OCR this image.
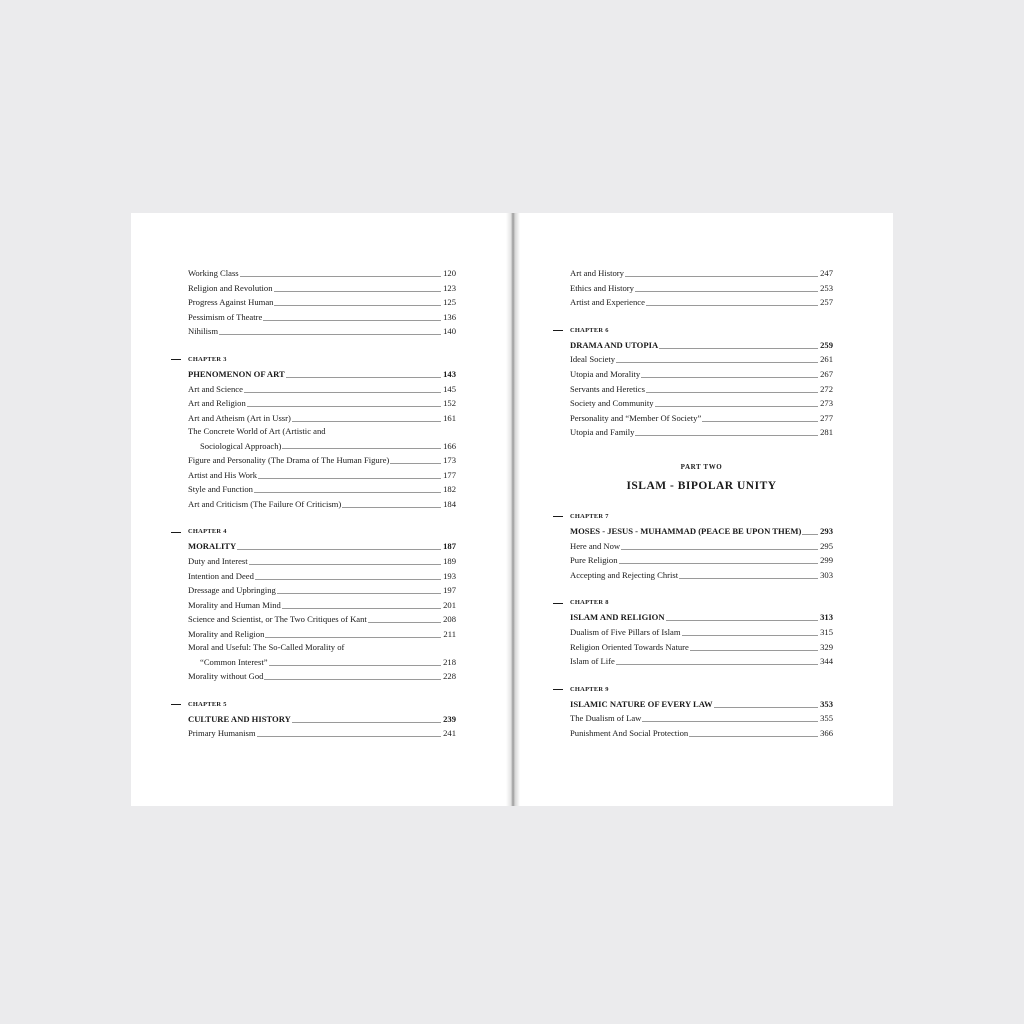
Working Class	120
Religion and Revolution	123
Progress Against Human	125
Pessimism of Theatre	136
Nihilism	140
CHAPTER 3
PHENOMENON OF ART	143
Art and Science	145
Art and Religion	152
Art and Atheism (Art in Ussr)	161
The Concrete World of Art (Artistic and
Sociological Approach)	166
Figure and Personality (The Drama of The Human Figure)	173
Artist and His Work	177
Style and Function	182
Art and Criticism (The Failure Of Criticism)	184
CHAPTER 4
MORALITY	187
Duty and Interest	189
Intention and Deed	193
Dressage and Upbringing	197
Morality and Human Mind	201
Science and Scientist, or The Two Critiques of Kant	208
Morality and Religion	211
Moral and Useful: The So-Called Morality of
“Common Interest”	218
Morality without God	228
CHAPTER 5
CULTURE AND HISTORY	239
Primary Humanism	241
Art and History	247
Ethics and History	253
Artist and Experience	257
CHAPTER 6
DRAMA AND UTOPIA	259
Ideal Society	261
Utopia and Morality	267
Servants and Heretics	272
Society and Community	273
Personality and “Member Of Society”	277
Utopia and Family	281
PART TWO
ISLAM - BIPOLAR UNITY
CHAPTER 7
MOSES - JESUS - MUHAMMAD (PEACE BE UPON THEM) 293
Here and Now	295
Pure Religion	299
Accepting and Rejecting Christ	303
CHAPTER 8
ISLAM AND RELIGION	313
Dualism of Five Pillars of Islam	315
Religion Oriented Towards Nature	329
Islam of Life	344
CHAPTER 9
ISLAMIC NATURE OF EVERY LAW	353
The Dualism of Law	355
Punishment And Social Protection	366
